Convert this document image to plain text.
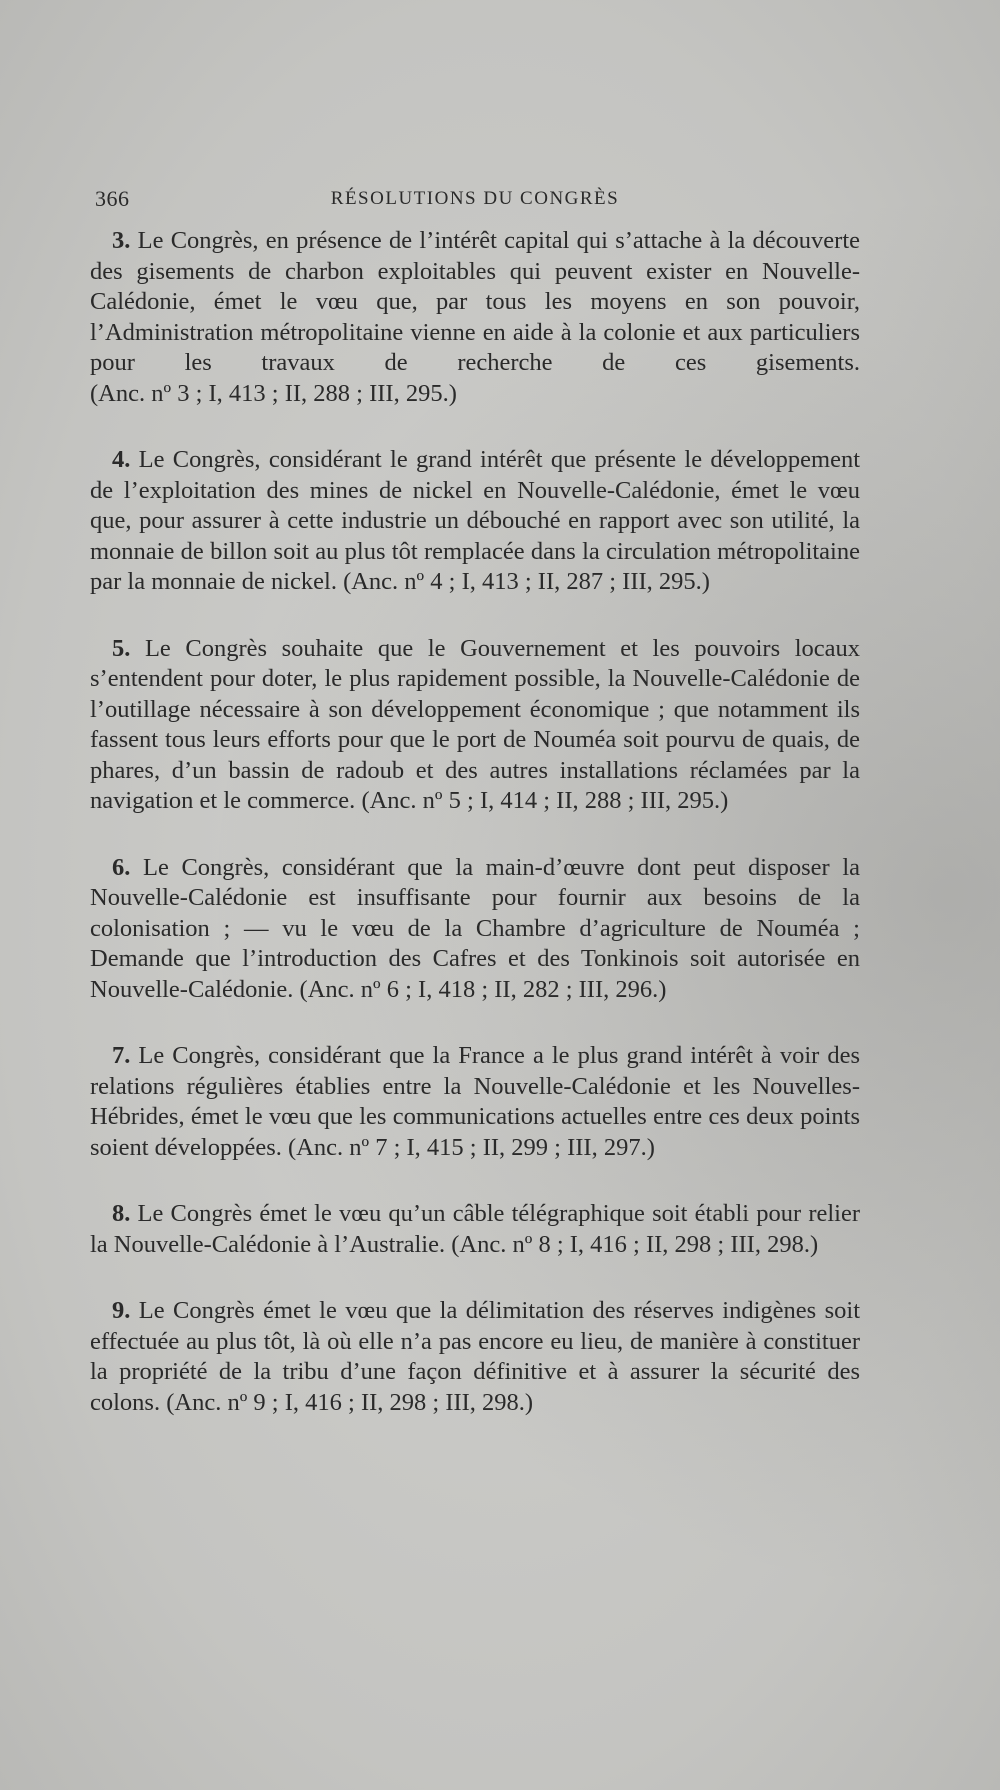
366	RÉSOLUTIONS DU CONGRÈS

3. Le Congrès, en présence de l’intérêt capital qui s’attache à la découverte des gisements de charbon exploitables qui peuvent exister en Nouvelle-Calédonie, émet le vœu que, par tous les moyens en son pouvoir, l’Administration métropolitaine vienne en aide à la colonie et aux particuliers pour les travaux de recherche de ces gisements. (Anc. nº 3 ; I, 413 ; II, 288 ; III, 295.)

4. Le Congrès, considérant le grand intérêt que présente le développement de l’exploitation des mines de nickel en Nouvelle-Calédonie, émet le vœu que, pour assurer à cette industrie un débouché en rapport avec son utilité, la monnaie de billon soit au plus tôt remplacée dans la circulation métropolitaine par la monnaie de nickel. (Anc. nº 4 ; I, 413 ; II, 287 ; III, 295.)

5. Le Congrès souhaite que le Gouvernement et les pouvoirs locaux s’entendent pour doter, le plus rapidement possible, la Nouvelle-Calédonie de l’outillage nécessaire à son développement économique ; que notamment ils fassent tous leurs efforts pour que le port de Nouméa soit pourvu de quais, de phares, d’un bassin de radoub et des autres installations réclamées par la navigation et le commerce. (Anc. nº 5 ; I, 414 ; II, 288 ; III, 295.)

6. Le Congrès, considérant que la main-d’œuvre dont peut disposer la Nouvelle-Calédonie est insuffisante pour fournir aux besoins de la colonisation ; — vu le vœu de la Chambre d’agriculture de Nouméa ; Demande que l’introduction des Cafres et des Tonkinois soit autorisée en Nouvelle-Calédonie. (Anc. nº 6 ; I, 418 ; II, 282 ; III, 296.)

7. Le Congrès, considérant que la France a le plus grand intérêt à voir des relations régulières établies entre la Nouvelle-Calédonie et les Nouvelles-Hébrides, émet le vœu que les communications actuelles entre ces deux points soient développées. (Anc. nº 7 ; I, 415 ; II, 299 ; III, 297.)

8. Le Congrès émet le vœu qu’un câble télégraphique soit établi pour relier la Nouvelle-Calédonie à l’Australie. (Anc. nº 8 ; I, 416 ; II, 298 ; III, 298.)

9. Le Congrès émet le vœu que la délimitation des réserves indigènes soit effectuée au plus tôt, là où elle n’a pas encore eu lieu, de manière à constituer la propriété de la tribu d’une façon définitive et à assurer la sécurité des colons. (Anc. nº 9 ; I, 416 ; II, 298 ; III, 298.)
